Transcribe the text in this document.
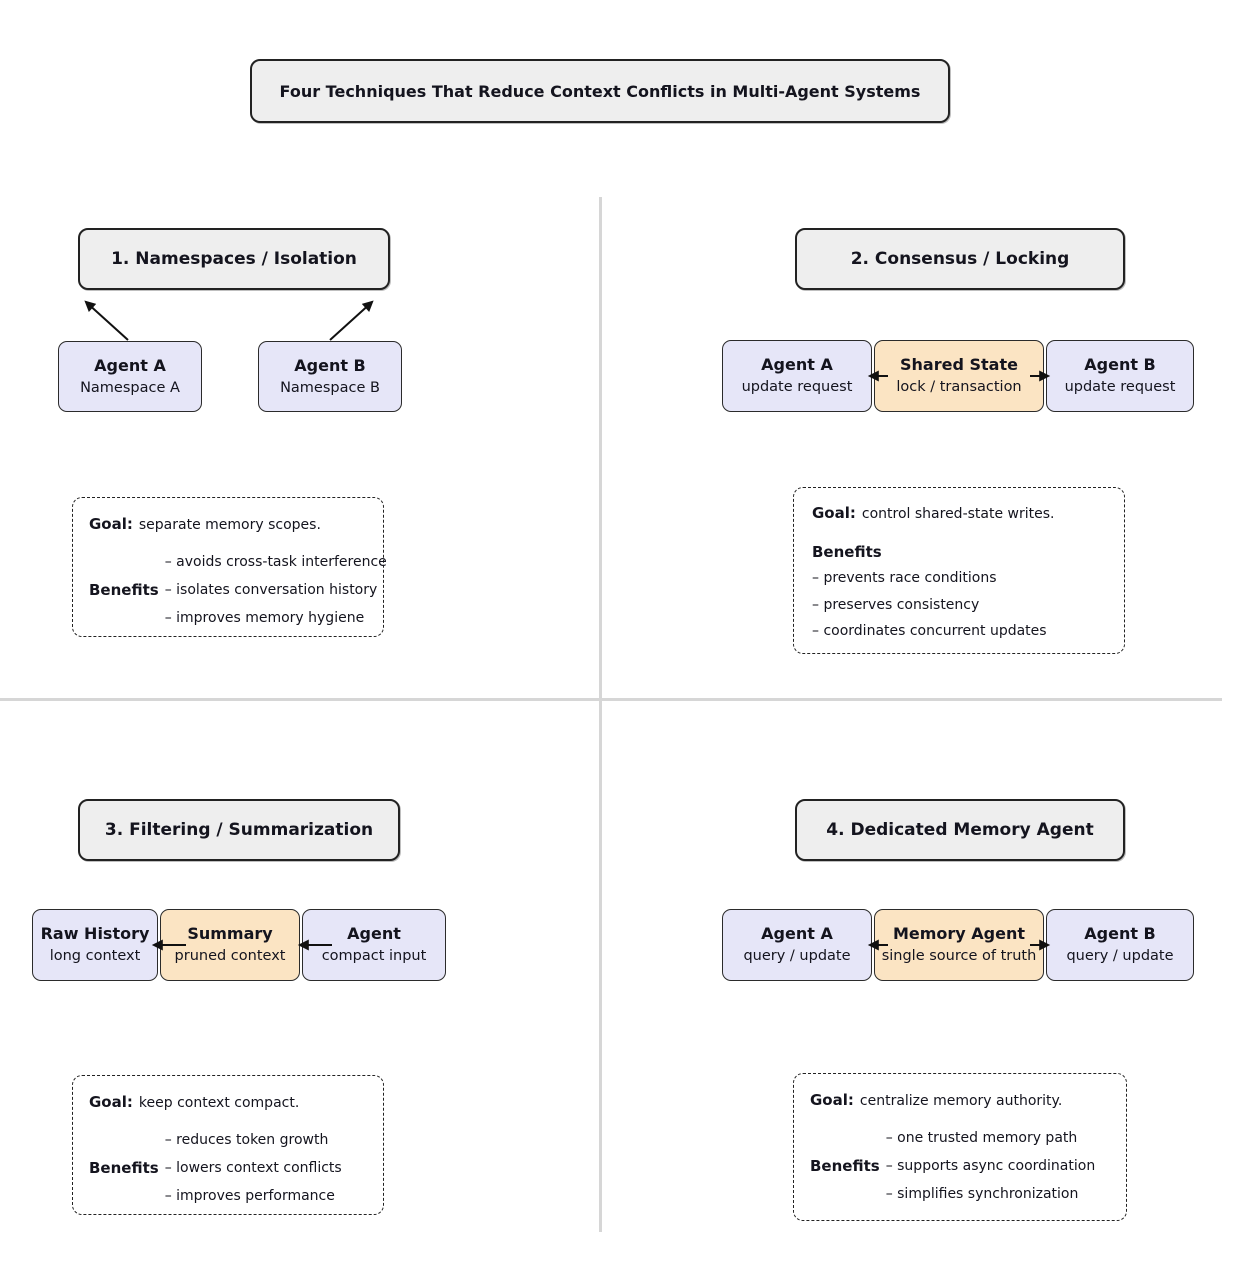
Four Techniques That Reduce Context Conflicts in Multi-Agent Systems
1. Namespaces / Isolation
Agent A
Namespace A
Agent B
Namespace B
Goal: separate memory scopes.
Benefits
– avoids cross-task interference
– isolates conversation history
– improves memory hygiene
2. Consensus / Locking
Agent A
update request
Shared State
lock / transaction
Agent B
update request
Goal: control shared-state writes.
Benefits
– prevents race conditions
– preserves consistency
– coordinates concurrent updates
3. Filtering / Summarization
Raw History
long context
Summary
pruned context
Agent
compact input
Goal: keep context compact.
Benefits
– reduces token growth
– lowers context conflicts
– improves performance
4. Dedicated Memory Agent
Agent A
query / update
Memory Agent
single source of truth
Agent B
query / update
Goal: centralize memory authority.
Benefits
– one trusted memory path
– supports async coordination
– simplifies synchronization
